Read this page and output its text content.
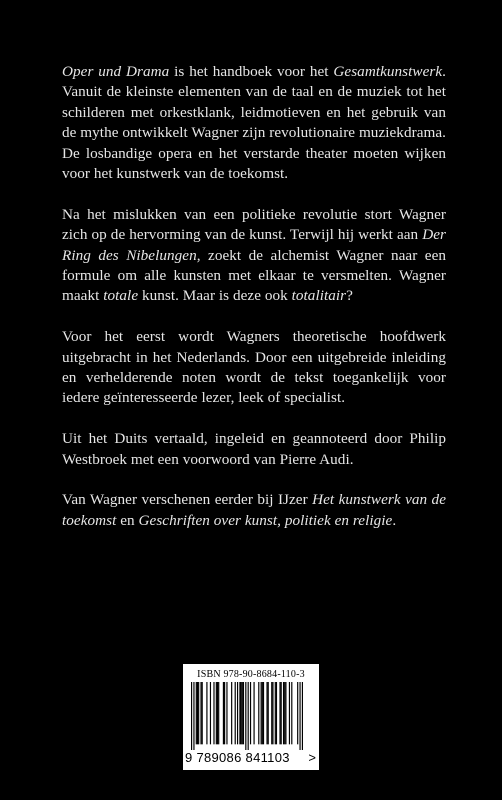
Oper und Drama is het handboek voor het Gesamtkunstwerk. Vanuit de kleinste elementen van de taal en de muziek tot het schilderen met orkestklank, leidmotieven en het gebruik van de mythe ontwikkelt Wagner zijn revolutionaire muziekdrama. De losbandige opera en het verstarde theater moeten wijken voor het kunstwerk van de toekomst.

Na het mislukken van een politieke revolutie stort Wagner zich op de hervorming van de kunst. Terwijl hij werkt aan Der Ring des Nibelungen, zoekt de alchemist Wagner naar een formule om alle kunsten met elkaar te versmelten. Wagner maakt totale kunst. Maar is deze ook totalitair?

Voor het eerst wordt Wagners theoretische hoofdwerk uitgebracht in het Nederlands. Door een uitgebreide inleiding en verhelderende noten wordt de tekst toegankelijk voor iedere geïnteresseerde lezer, leek of specialist.

Uit het Duits vertaald, ingeleid en geannoteerd door Philip Westbroek met een voorwoord van Pierre Audi.

Van Wagner verschenen eerder bij IJzer Het kunstwerk van de toekomst en Geschriften over kunst, politiek en religie.

ISBN 978-90-8684-110-3
9 789086 841103	>
